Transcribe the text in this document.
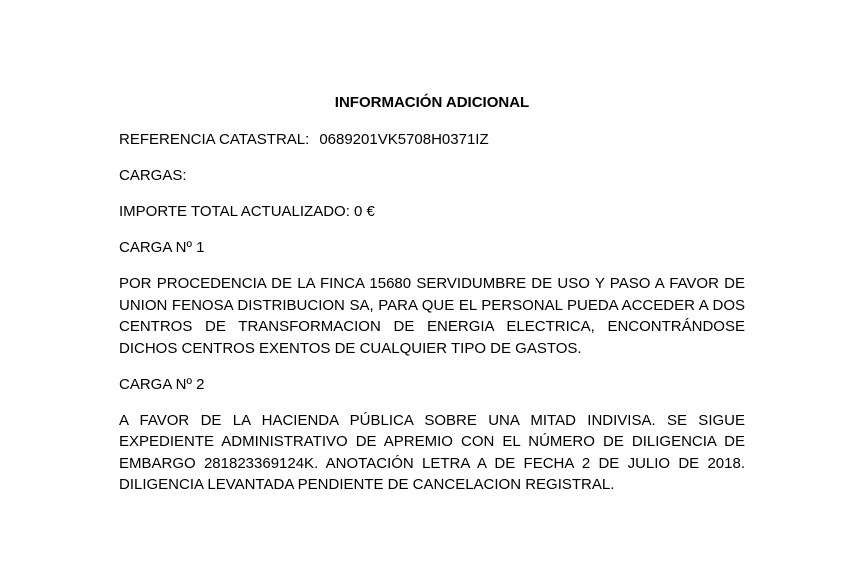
INFORMACIÓN ADICIONAL
REFERENCIA CATASTRAL: 0689201VK5708H0371IZ
CARGAS:
IMPORTE TOTAL ACTUALIZADO: 0 €
CARGA Nº 1
POR PROCEDENCIA DE LA FINCA 15680 SERVIDUMBRE DE USO Y PASO A FAVOR DE UNION FENOSA DISTRIBUCION SA, PARA QUE EL PERSONAL PUEDA ACCEDER A DOS CENTROS DE TRANSFORMACION DE ENERGIA ELECTRICA, ENCONTRÁNDOSE DICHOS CENTROS EXENTOS DE CUALQUIER TIPO DE GASTOS.
CARGA Nº 2
A FAVOR DE LA HACIENDA PÚBLICA SOBRE UNA MITAD INDIVISA. SE SIGUE EXPEDIENTE ADMINISTRATIVO DE APREMIO CON EL NÚMERO DE DILIGENCIA DE EMBARGO 281823369124K. ANOTACIÓN LETRA A DE FECHA 2 DE JULIO DE 2018. DILIGENCIA LEVANTADA PENDIENTE DE CANCELACION REGISTRAL.
